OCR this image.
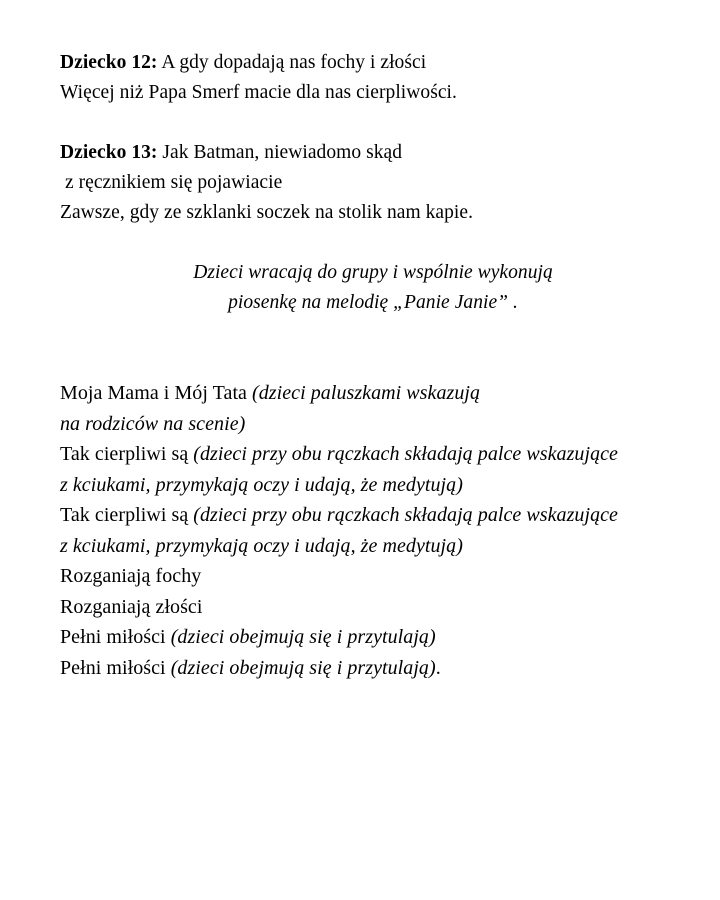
Dziecko 12: A gdy dopadają nas fochy i złości
Więcej niż Papa Smerf macie dla nas cierpliwości.
Dziecko 13: Jak Batman, niewiadomo skąd
z ręcznikiem się pojawiacie
Zawsze, gdy ze szklanki soczek na stolik nam kapie.
Dzieci wracają do grupy i wspólnie wykonują
piosenkę na melodię „Panie Janie” .
Moja Mama i Mój Tata (dzieci paluszkami wskazują
na rodziców na scenie)
Tak cierpliwi są (dzieci przy obu rączkach składają palce wskazujące
z kciukami, przymykają oczy i udają, że medytują)
Tak cierpliwi są (dzieci przy obu rączkach składają palce wskazujące
z kciukami, przymykają oczy i udają, że medytują)
Rozganiają fochy
Rozganiają złości
Pełni miłości (dzieci obejmują się i przytulają)
Pełni miłości (dzieci obejmują się i przytulają).
